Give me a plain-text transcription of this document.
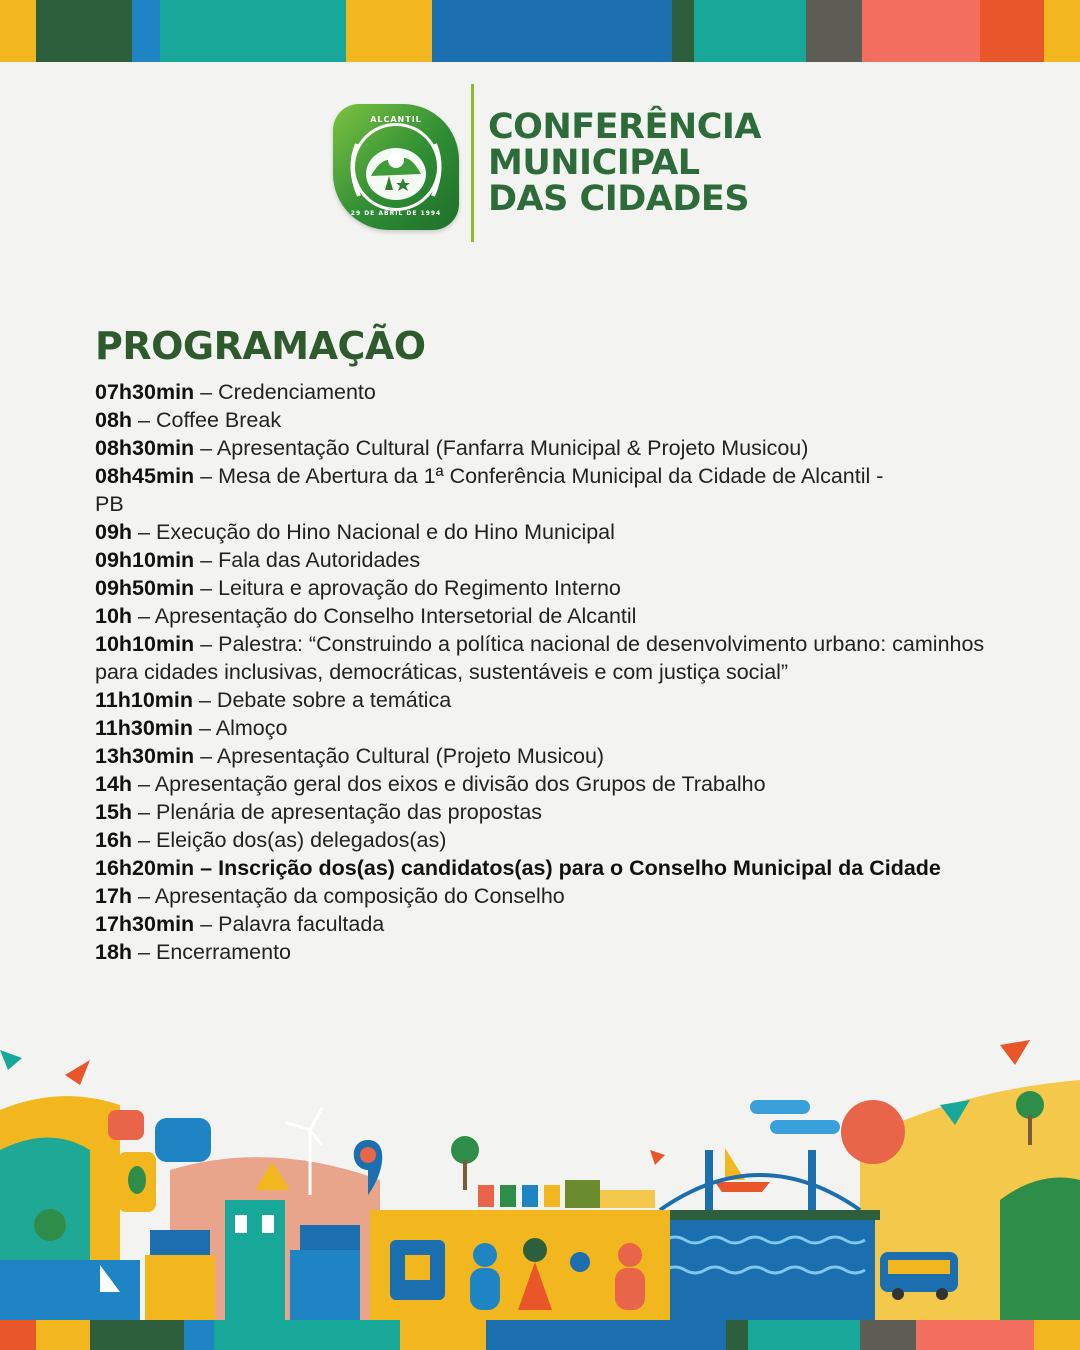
ALCANTIL
29 DE ABRIL DE 1994
CONFERÊNCIA
MUNICIPAL
DAS CIDADES
PROGRAMAÇÃO

07h30min – Credenciamento

08h – Coffee Break

08h30min – Apresentação Cultural (Fanfarra Municipal & Projeto Musicou)

08h45min – Mesa de Abertura da 1ª Conferência Municipal da Cidade de Alcantil - PB

09h – Execução do Hino Nacional e do Hino Municipal

09h10min – Fala das Autoridades

09h50min – Leitura e aprovação do Regimento Interno

10h – Apresentação do Conselho Intersetorial de Alcantil

10h10min – Palestra: “Construindo a política nacional de desenvolvimento urbano: caminhos para cidades inclusivas, democráticas, sustentáveis e com justiça social”

11h10min – Debate sobre a temática

11h30min – Almoço

13h30min – Apresentação Cultural (Projeto Musicou)

14h – Apresentação geral dos eixos e divisão dos Grupos de Trabalho

15h – Plenária de apresentação das propostas

16h – Eleição dos(as) delegados(as)

16h20min – Inscrição dos(as) candidatos(as) para o Conselho Municipal da Cidade

17h – Apresentação da composição do Conselho

17h30min – Palavra facultada

18h – Encerramento
